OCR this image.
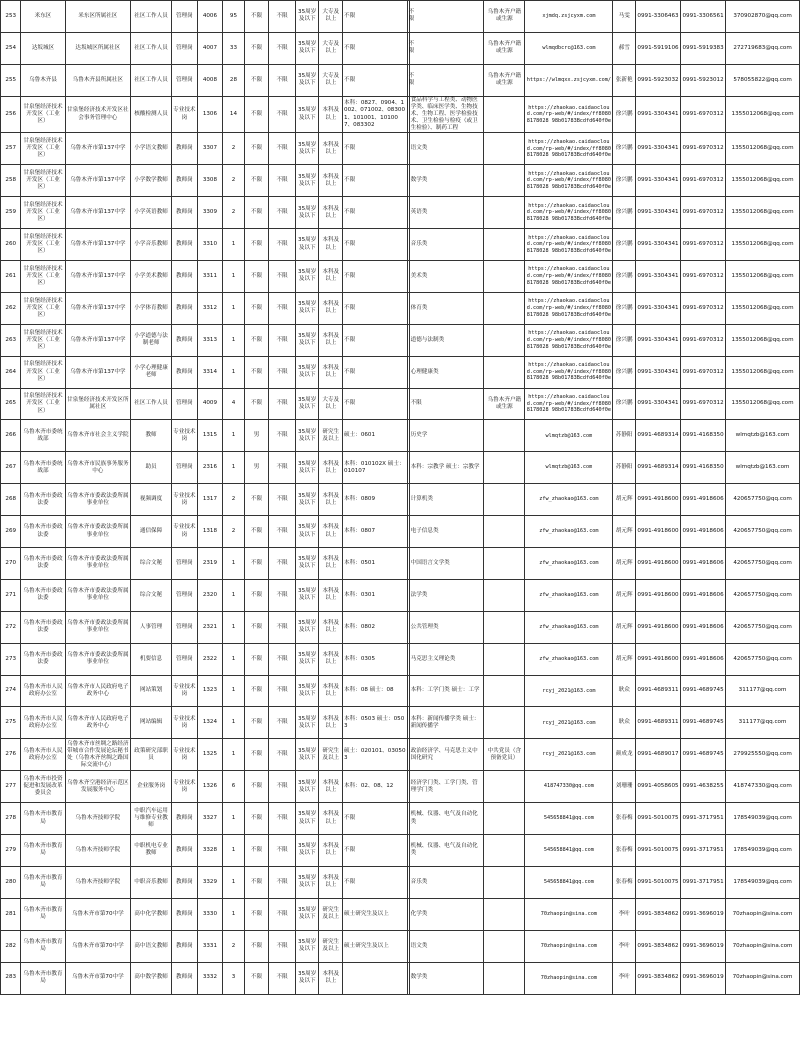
253	米东区	米东区所属社区	社区工作人员	管理岗	4006	95	不限	不限	35周岁及以下	大专及以上	不限	不限		乌鲁木齐户籍或生源	xjmdq.zsjcyxm.com	马雯	0991-3306463	0991-3306561	370902870@qq.com
254	达坂城区	达坂城区所属社区	社区工作人员	管理岗	4007	33	不限	不限	35周岁及以下	大专及以上	不限	不限		乌鲁木齐户籍或生源	wlmqdbcrc@163.com	郝雪	0991-5919106	0991-5919383	272719683@qq.com
255	乌鲁木齐县	乌鲁木齐县所属社区	社区工作人员	管理岗	4008	28	不限	不限	35周岁及以下	大专及以上	不限	不限		乌鲁木齐户籍或生源	https://wlmqxx.zsjcyxm.com/	张新艳	0991-5923032	0991-5923012	578055822@qq.com
256	甘泉堡经济技术开发区（工业区）	甘泉堡经济技术开发区社会事务管理中心	核酸检测人员	专业技术岗	1306	14	不限	不限	35周岁及以下	本科及以上	本科：0827、0904、1002、071002、083001、101001、101007、083302		食品科学与工程类、动物医学类、临床医学类、生物技术、生物工程、医学检验技术、卫生检验与检疫（或卫生检验）、制药工程		https://zhaokao.caidaocloud.com/rp-web/#/index/ff80808178028 98b01783Bcdfd640f0e	徐兴鹏	0991-3304341	0991-6970312	1355012068@qq.com
257	甘泉堡经济技术开发区（工业区）	乌鲁木齐市第137中学	小学语文教师	教师岗	3307	2	不限	不限	35周岁及以下	本科及以上	不限		语文类		https://zhaokao.caidaocloud.com/rp-web/#/index/ff80808178028 98b01783Bcdfd640f0e	徐兴鹏	0991-3304341	0991-6970312	1355012068@qq.com
258	甘泉堡经济技术开发区（工业区）	乌鲁木齐市第137中学	小学数学教师	教师岗	3308	2	不限	不限	35周岁及以下	本科及以上	不限		数学类		https://zhaokao.caidaocloud.com/rp-web/#/index/ff80808178028 98b01783Bcdfd640f0e	徐兴鹏	0991-3304341	0991-6970312	1355012068@qq.com
259	甘泉堡经济技术开发区（工业区）	乌鲁木齐市第137中学	小学英语教师	教师岗	3309	2	不限	不限	35周岁及以下	本科及以上	不限		英语类		https://zhaokao.caidaocloud.com/rp-web/#/index/ff80808178028 98b01783Bcdfd640f0e	徐兴鹏	0991-3304341	0991-6970312	1355012068@qq.com
260	甘泉堡经济技术开发区（工业区）	乌鲁木齐市第137中学	小学音乐教师	教师岗	3310	1	不限	不限	35周岁及以下	本科及以上	不限		音乐类		https://zhaokao.caidaocloud.com/rp-web/#/index/ff80808178028 98b01783Bcdfd640f0e	徐兴鹏	0991-3304341	0991-6970312	1355012068@qq.com
261	甘泉堡经济技术开发区（工业区）	乌鲁木齐市第137中学	小学美术教师	教师岗	3311	1	不限	不限	35周岁及以下	本科及以上	不限		美术类		https://zhaokao.caidaocloud.com/rp-web/#/index/ff80808178028 98b01783Bcdfd640f0e	徐兴鹏	0991-3304341	0991-6970312	1355012068@qq.com
262	甘泉堡经济技术开发区（工业区）	乌鲁木齐市第137中学	小学体育教师	教师岗	3312	1	不限	不限	35周岁及以下	本科及以上	不限		体育类		https://zhaokao.caidaocloud.com/rp-web/#/index/ff80808178028 98b01783Bcdfd640f0e	徐兴鹏	0991-3304341	0991-6970312	1355012068@qq.com
263	甘泉堡经济技术开发区（工业区）	乌鲁木齐市第137中学	小学道德与法制老师	教师岗	3313	1	不限	不限	35周岁及以下	本科及以上	不限		道德与法制类		https://zhaokao.caidaocloud.com/rp-web/#/index/ff80808178028 98b01783Bcdfd640f0e	徐兴鹏	0991-3304341	0991-6970312	1355012068@qq.com
264	甘泉堡经济技术开发区（工业区）	乌鲁木齐市第137中学	小学心理健康老师	教师岗	3314	1	不限	不限	35周岁及以下	本科及以上	不限		心理健康类		https://zhaokao.caidaocloud.com/rp-web/#/index/ff80808178028 98b01783Bcdfd640f0e	徐兴鹏	0991-3304341	0991-6970312	1355012068@qq.com
265	甘泉堡经济技术开发区（工业区）	甘泉堡经济技术开发区所属社区	社区工作人员	管理岗	4009	4	不限	不限	35周岁及以下	大专及以上	不限		不限	乌鲁木齐户籍或生源	https://zhaokao.caidaocloud.com/rp-web/#/index/ff80808178028 98b01783Bcdfd640f0e	徐兴鹏	0991-3304341	0991-6970312	1355012068@qq.com
266	乌鲁木齐市委统战部	乌鲁木齐市社会主义学院	教师	专业技术岗	1315	1	男	不限	35周岁及以下	研究生及以上	硕士：0601		历史学		wlmqtzb@163.com	苏静阳	0991-4689314	0991-4168350	wlmqtzb@163.com
267	乌鲁木齐市委统战部	乌鲁木齐市民族事务服务中心	助员	管理岗	2316	1	男	不限	35周岁及以下	本科及以上	本科：010102X 硕士：010107		本科：宗教学 硕士：宗教学		wlmqtzb@163.com	苏静阳	0991-4689314	0991-4168350	wlmqtzb@163.com
268	乌鲁木齐市委政法委	乌鲁木齐市委政法委所属事业单位	视频调度	专业技术岗	1317	2	不限	不限	35周岁及以下	本科及以上	本科：0809		计算机类		zfw_zhaokao@163.com	胡元辉	0991-4918600	0991-4918606	420657750@qq.com
269	乌鲁木齐市委政法委	乌鲁木齐市委政法委所属事业单位	通信保障	专业技术岗	1318	2	不限	不限	35周岁及以下	本科及以上	本科：0807		电子信息类		zfw_zhaokao@163.com	胡元辉	0991-4918600	0991-4918606	420657750@qq.com
270	乌鲁木齐市委政法委	乌鲁木齐市委政法委所属事业单位	综合文秘	管理岗	2319	1	不限	不限	35周岁及以下	本科及以上	本科：0501		中国语言文学类		zfw_zhaokao@163.com	胡元辉	0991-4918600	0991-4918606	420657750@qq.com
271	乌鲁木齐市委政法委	乌鲁木齐市委政法委所属事业单位	综合文秘	管理岗	2320	1	不限	不限	35周岁及以下	本科及以上	本科：0301		法学类		zfw_zhaokao@163.com	胡元辉	0991-4918600	0991-4918606	420657750@qq.com
272	乌鲁木齐市委政法委	乌鲁木齐市委政法委所属事业单位	人事管理	管理岗	2321	1	不限	不限	35周岁及以下	本科及以上	本科：0802		公共管理类		zfw_zhaokao@163.com	胡元辉	0991-4918600	0991-4918606	420657750@qq.com
273	乌鲁木齐市委政法委	乌鲁木齐市委政法委所属事业单位	机要信息	管理岗	2322	1	不限	不限	35周岁及以下	本科及以上	本科：0305		马克思主义理论类		zfw_zhaokao@163.com	胡元辉	0991-4918600	0991-4918606	420657750@qq.com
274	乌鲁木齐市人民政府办公室	乌鲁木齐市人民政府电子政务中心	网站策划	专业技术岗	1323	1	不限	不限	35周岁及以下	本科及以上	本科：08 硕士：08		本科：工学门类 硕士：工学		rcyj_2021@163.com	耿众	0991-4689311	0991-4689745	311177@qq.com
275	乌鲁木齐市人民政府办公室	乌鲁木齐市人民政府电子政务中心	网站编辑	专业技术岗	1324	1	不限	不限	35周岁及以下	本科及以上	本科：0503 硕士：0503		本科：新闻传播学类 硕士：新闻传播学		rcyj_2021@163.com	耿众	0991-4689311	0991-4689745	311177@qq.com
276	乌鲁木齐市人民政府办公室	乌鲁木齐市丝绸之路经济带城市合作发展论坛秘书处（乌鲁木齐丝绸之路国际交流中心）	政策研究部职员	专业技术岗	1325	1	不限	不限	35周岁及以下	研究生及以上	硕士：020101、030503		政治经济学、马克思主义中国化研究	中共党员（含预备党员）	rcyj_2021@163.com	颜成龙	0991-4689017	0991-4689745	279925550@qq.com
277	乌鲁木齐市投资促进和发展改革委员会	乌鲁木齐空港经济示范区发展服务中心	企业服务岗	专业技术岗	1326	6	不限	不限	35周岁及以下	本科及以上	本科：02、08、12		经济学门类、工学门类、管理学门类		418747330@qq.com	刘珊珊	0991-4058605	0991-4638255	418747330@qq.com
278	乌鲁木齐市教育局	乌鲁木齐技师学院	中职汽车运用与维修专业教师	教师岗	3327	1	不限	不限	35周岁及以下	本科及以上	不限		机械、仪器、电气及自动化类		545658841@qq.com	张春梅	0991-5010075	0991-3717951	178549039@qq.com
279	乌鲁木齐市教育局	乌鲁木齐技师学院	中职机电专业教师	教师岗	3328	1	不限	不限	35周岁及以下	本科及以上	不限		机械、仪器、电气及自动化类		545658841@qq.com	张春梅	0991-5010075	0991-3717951	178549039@qq.com
280	乌鲁木齐市教育局	乌鲁木齐技师学院	中职音乐教师	教师岗	3329	1	不限	不限	35周岁及以下	本科及以上	不限		音乐类		545658841@qq.com	张春梅	0991-5010075	0991-3717951	178549039@qq.com
281	乌鲁木齐市教育局	乌鲁木齐市第70中学	高中化学教师	教师岗	3330	1	不限	不限	35周岁及以下	研究生及以上	硕士研究生及以上		化学类		70zhaopin@sina.com	李叶	0991-3834862	0991-3696019	70zhaopin@sina.com
282	乌鲁木齐市教育局	乌鲁木齐市第70中学	高中语文教师	教师岗	3331	2	不限	不限	35周岁及以下	研究生及以上	硕士研究生及以上		语文类		70zhaopin@sina.com	李叶	0991-3834862	0991-3696019	70zhaopin@sina.com
283	乌鲁木齐市教育局	乌鲁木齐市第70中学	高中数学教师	教师岗	3332	3	不限	不限	35周岁及以下	本科及以上			数学类		70zhaopin@sina.com	李叶	0991-3834862	0991-3696019	70zhaopin@sina.com
